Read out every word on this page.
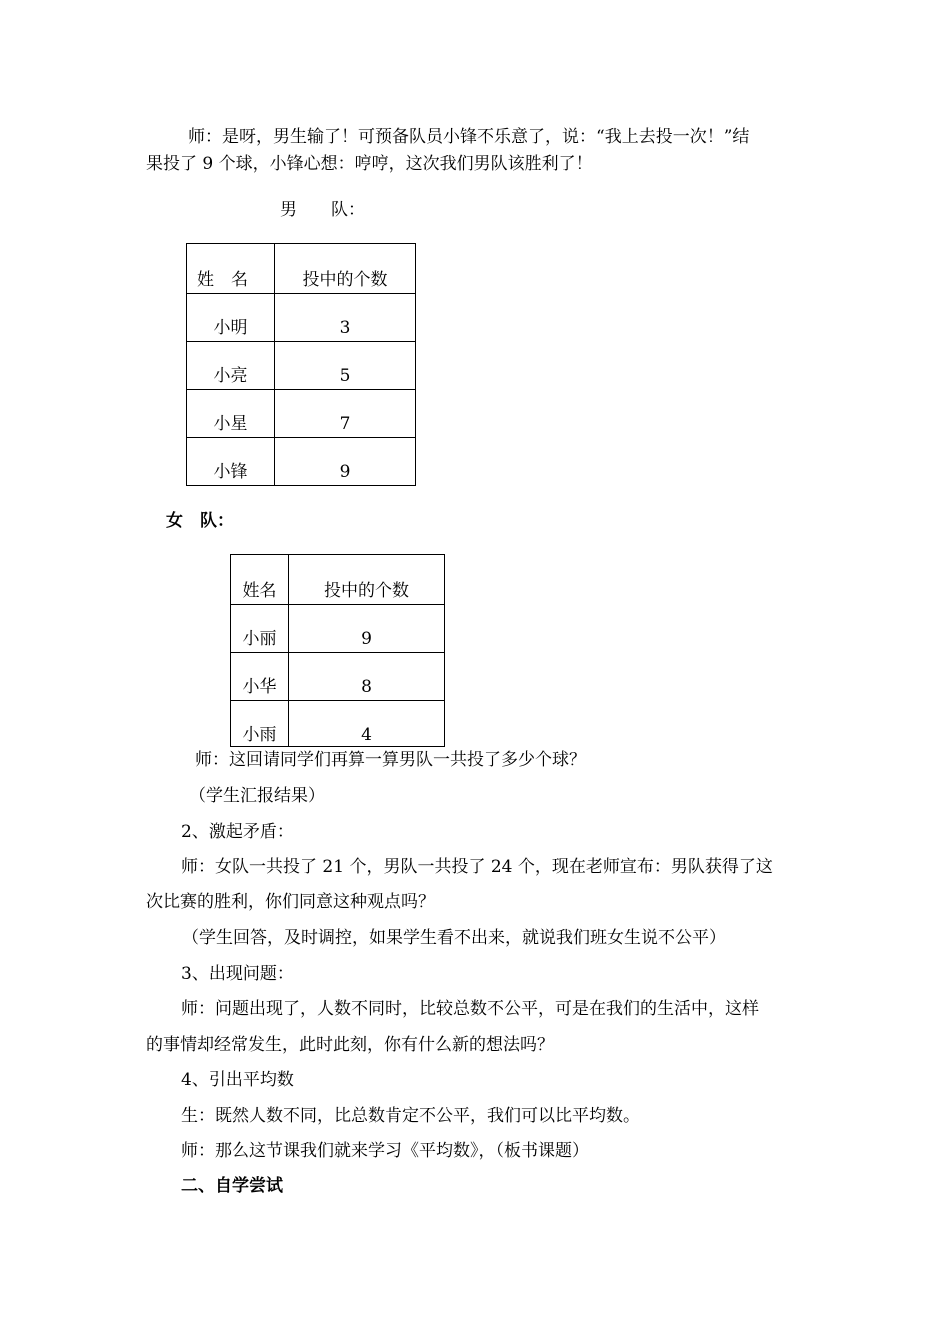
师：是呀，男生输了！可预备队员小锋不乐意了，说：“我上去投一次！”结
果投了 9 个球，小锋心想：哼哼，这次我们男队该胜利了！
男　　队：
姓　名	投中的个数
小明	3
小亮	5
小星	7
小锋	9
女　队：
姓名	投中的个数
小丽	9
小华	8
小雨	4
师：这回请同学们再算一算男队一共投了多少个球？
（学生汇报结果）
2、激起矛盾：
师：女队一共投了 21 个，男队一共投了 24 个，现在老师宣布：男队获得了这
次比赛的胜利，你们同意这种观点吗？
（学生回答，及时调控，如果学生看不出来，就说我们班女生说不公平）
3、出现问题：
师：问题出现了，人数不同时，比较总数不公平，可是在我们的生活中，这样
的事情却经常发生，此时此刻，你有什么新的想法吗？
4、引出平均数
生：既然人数不同，比总数肯定不公平，我们可以比平均数。
师：那么这节课我们就来学习《平均数》，（板书课题）
二、自学尝试
